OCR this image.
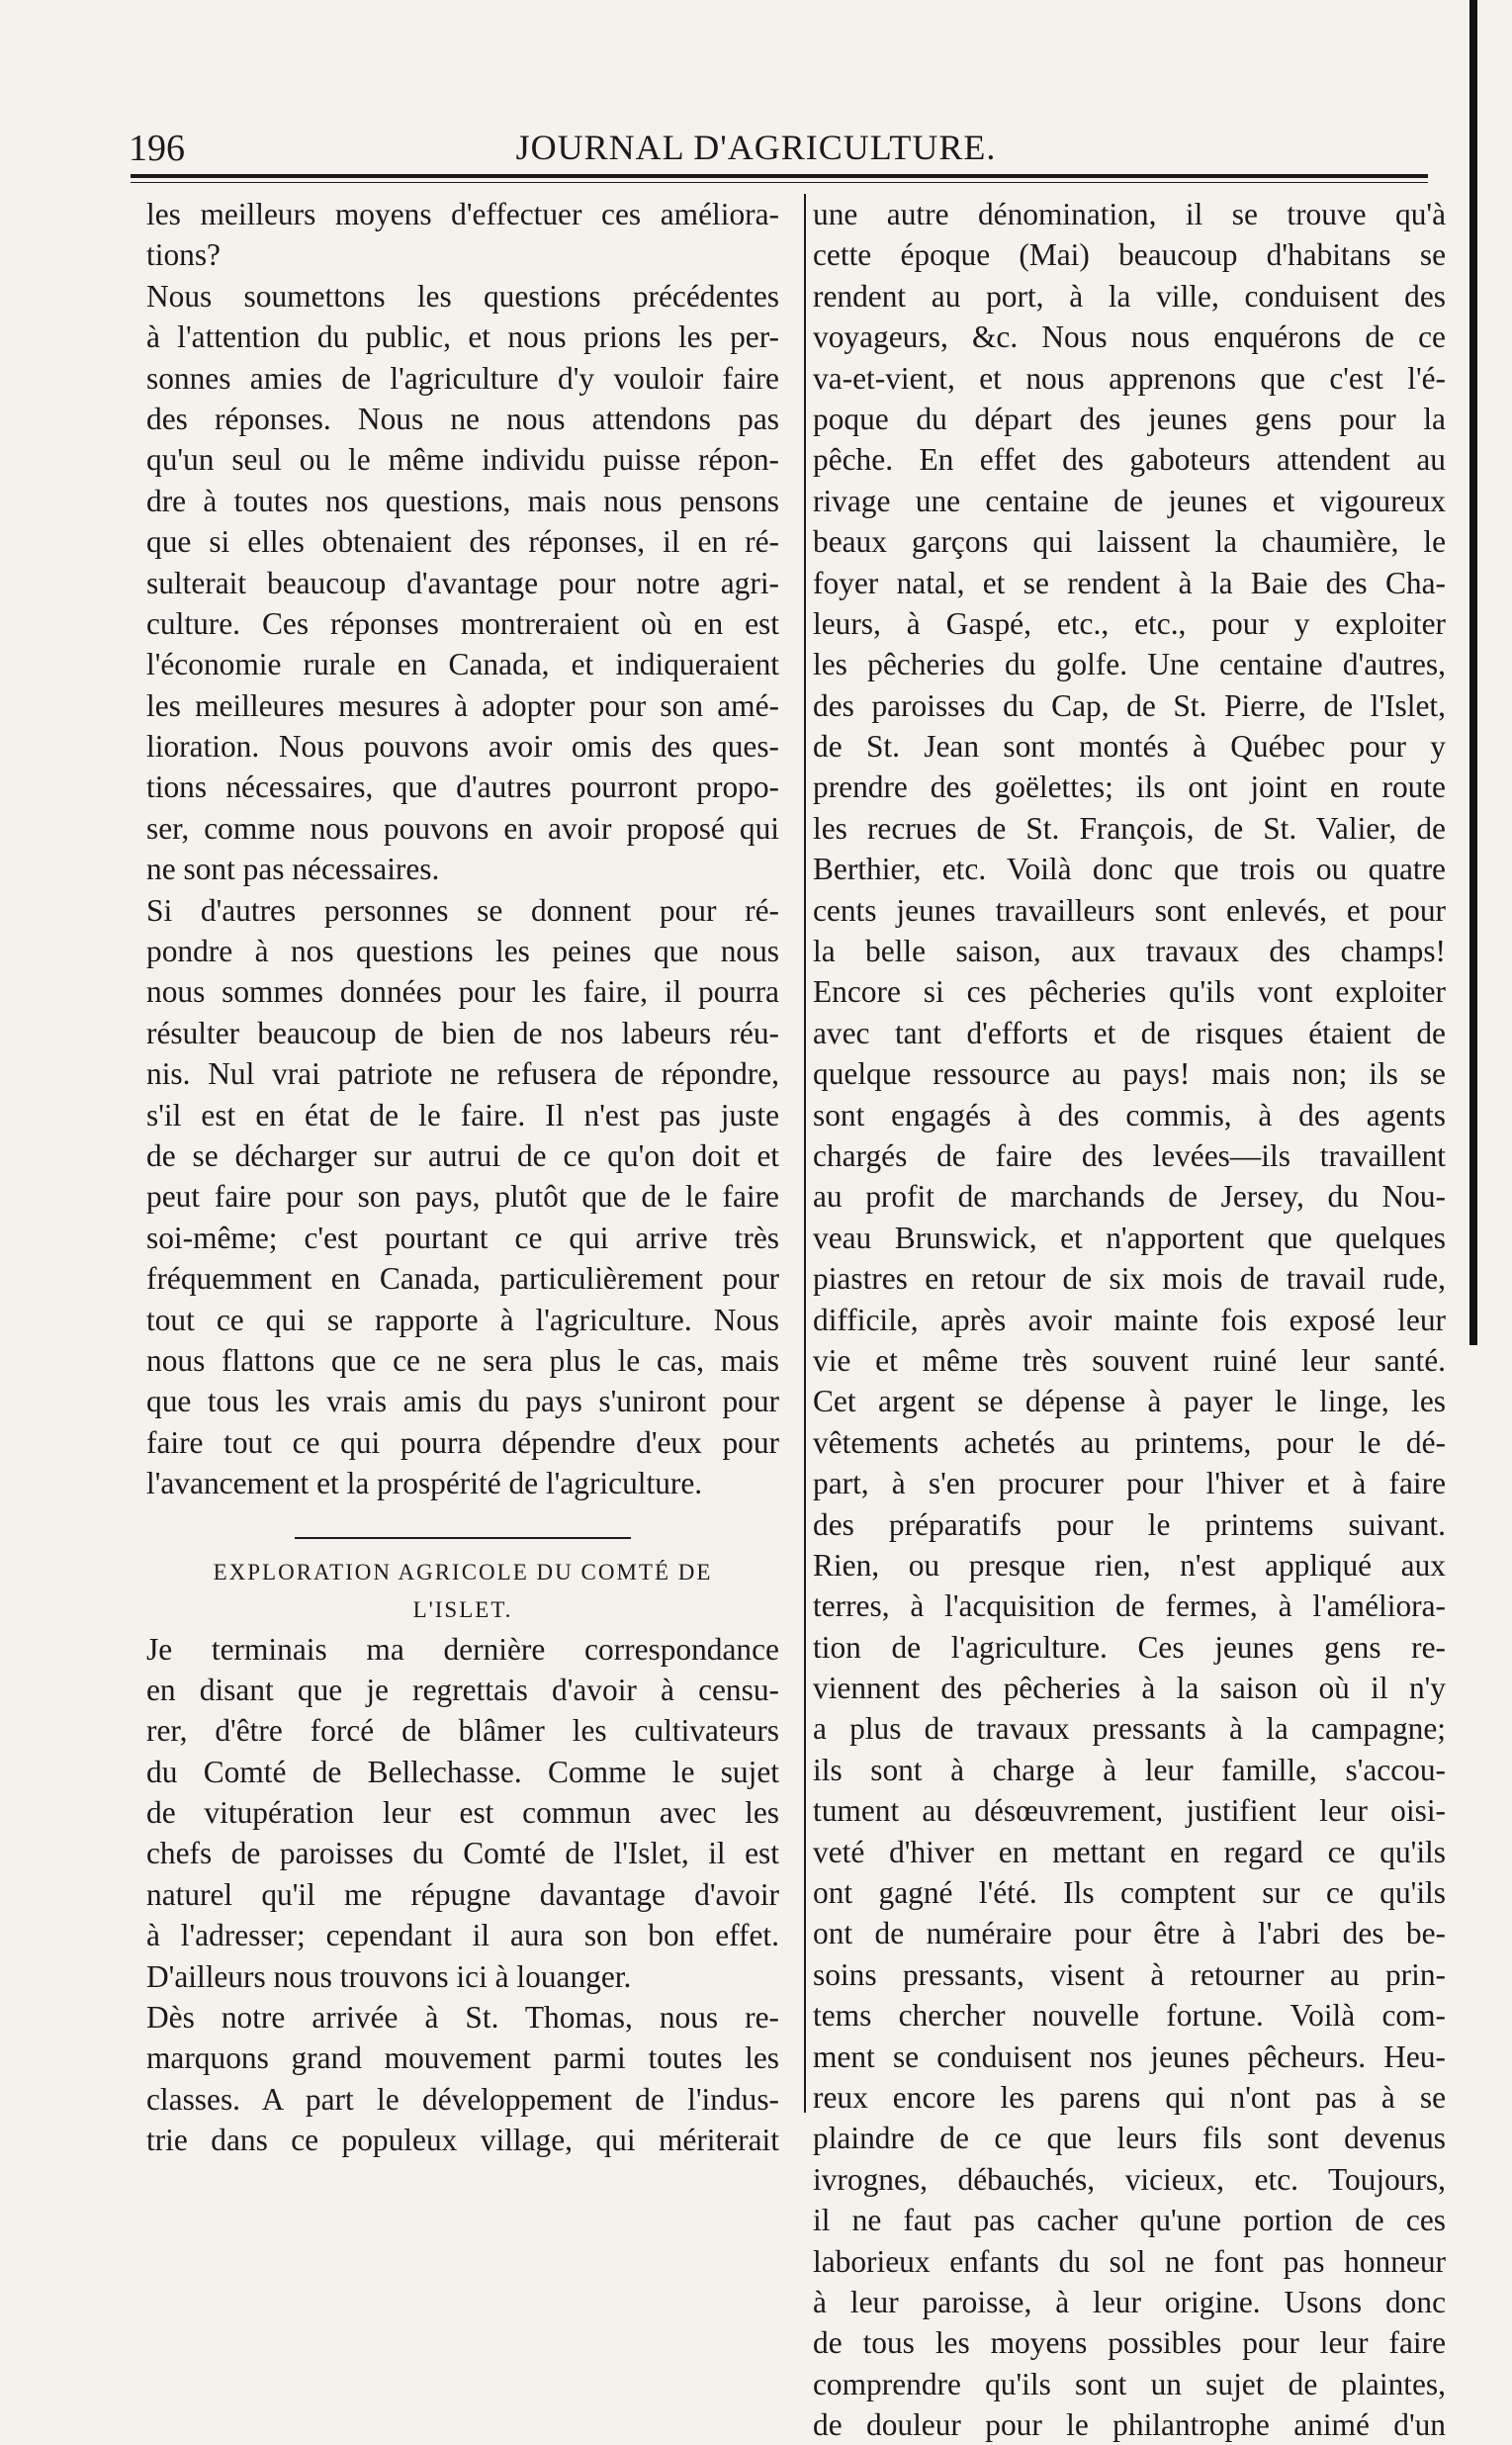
196	JOURNAL D'AGRICULTURE.
les meilleurs moyens d'effectuer ces améliora-
tions?
Nous soumettons les questions précédentes
à l'attention du public, et nous prions les per-
sonnes amies de l'agriculture d'y vouloir faire
des réponses. Nous ne nous attendons pas
qu'un seul ou le même individu puisse répon-
dre à toutes nos questions, mais nous pensons
que si elles obtenaient des réponses, il en ré-
sulterait beaucoup d'avantage pour notre agri-
culture. Ces réponses montreraient où en est
l'économie rurale en Canada, et indiqueraient
les meilleures mesures à adopter pour son amé-
lioration. Nous pouvons avoir omis des ques-
tions nécessaires, que d'autres pourront propo-
ser, comme nous pouvons en avoir proposé qui
ne sont pas nécessaires.
Si d'autres personnes se donnent pour ré-
pondre à nos questions les peines que nous
nous sommes données pour les faire, il pourra
résulter beaucoup de bien de nos labeurs réu-
nis. Nul vrai patriote ne refusera de répondre,
s'il est en état de le faire. Il n'est pas juste
de se décharger sur autrui de ce qu'on doit et
peut faire pour son pays, plutôt que de le faire
soi-même; c'est pourtant ce qui arrive très
fréquemment en Canada, particulièrement pour
tout ce qui se rapporte à l'agriculture. Nous
nous flattons que ce ne sera plus le cas, mais
que tous les vrais amis du pays s'uniront pour
faire tout ce qui pourra dépendre d'eux pour
l'avancement et la prospérité de l'agriculture.
EXPLORATION AGRICOLE DU COMTÉ DE
L'ISLET.
Je terminais ma dernière correspondance
en disant que je regrettais d'avoir à censu-
rer, d'être forcé de blâmer les cultivateurs
du Comté de Bellechasse. Comme le sujet
de vitupération leur est commun avec les
chefs de paroisses du Comté de l'Islet, il est
naturel qu'il me répugne davantage d'avoir
à l'adresser; cependant il aura son bon effet.
D'ailleurs nous trouvons ici à louanger.
Dès notre arrivée à St. Thomas, nous re-
marquons grand mouvement parmi toutes les
classes. A part le développement de l'indus-
trie dans ce populeux village, qui mériterait
une autre dénomination, il se trouve qu'à
cette époque (Mai) beaucoup d'habitans se
rendent au port, à la ville, conduisent des
voyageurs, &c. Nous nous enquérons de ce
va-et-vient, et nous apprenons que c'est l'é-
poque du départ des jeunes gens pour la
pêche. En effet des gaboteurs attendent au
rivage une centaine de jeunes et vigoureux
beaux garçons qui laissent la chaumière, le
foyer natal, et se rendent à la Baie des Cha-
leurs, à Gaspé, etc., etc., pour y exploiter
les pêcheries du golfe. Une centaine d'autres,
des paroisses du Cap, de St. Pierre, de l'Islet,
de St. Jean sont montés à Québec pour y
prendre des goëlettes; ils ont joint en route
les recrues de St. François, de St. Valier, de
Berthier, etc. Voilà donc que trois ou quatre
cents jeunes travailleurs sont enlevés, et pour
la belle saison, aux travaux des champs!
Encore si ces pêcheries qu'ils vont exploiter
avec tant d'efforts et de risques étaient de
quelque ressource au pays! mais non; ils se
sont engagés à des commis, à des agents
chargés de faire des levées—ils travaillent
au profit de marchands de Jersey, du Nou-
veau Brunswick, et n'apportent que quelques
piastres en retour de six mois de travail rude,
difficile, après avoir mainte fois exposé leur
vie et même très souvent ruiné leur santé.
Cet argent se dépense à payer le linge, les
vêtements achetés au printems, pour le dé-
part, à s'en procurer pour l'hiver et à faire
des préparatifs pour le printems suivant.
Rien, ou presque rien, n'est appliqué aux
terres, à l'acquisition de fermes, à l'améliora-
tion de l'agriculture. Ces jeunes gens re-
viennent des pêcheries à la saison où il n'y
a plus de travaux pressants à la campagne;
ils sont à charge à leur famille, s'accou-
tument au désœuvrement, justifient leur oisi-
veté d'hiver en mettant en regard ce qu'ils
ont gagné l'été. Ils comptent sur ce qu'ils
ont de numéraire pour être à l'abri des be-
soins pressants, visent à retourner au prin-
tems chercher nouvelle fortune. Voilà com-
ment se conduisent nos jeunes pêcheurs. Heu-
reux encore les parens qui n'ont pas à se
plaindre de ce que leurs fils sont devenus
ivrognes, débauchés, vicieux, etc. Toujours,
il ne faut pas cacher qu'une portion de ces
laborieux enfants du sol ne font pas honneur
à leur paroisse, à leur origine. Usons donc
de tous les moyens possibles pour leur faire
comprendre qu'ils sont un sujet de plaintes,
de douleur pour le philantrophe animé d'un
